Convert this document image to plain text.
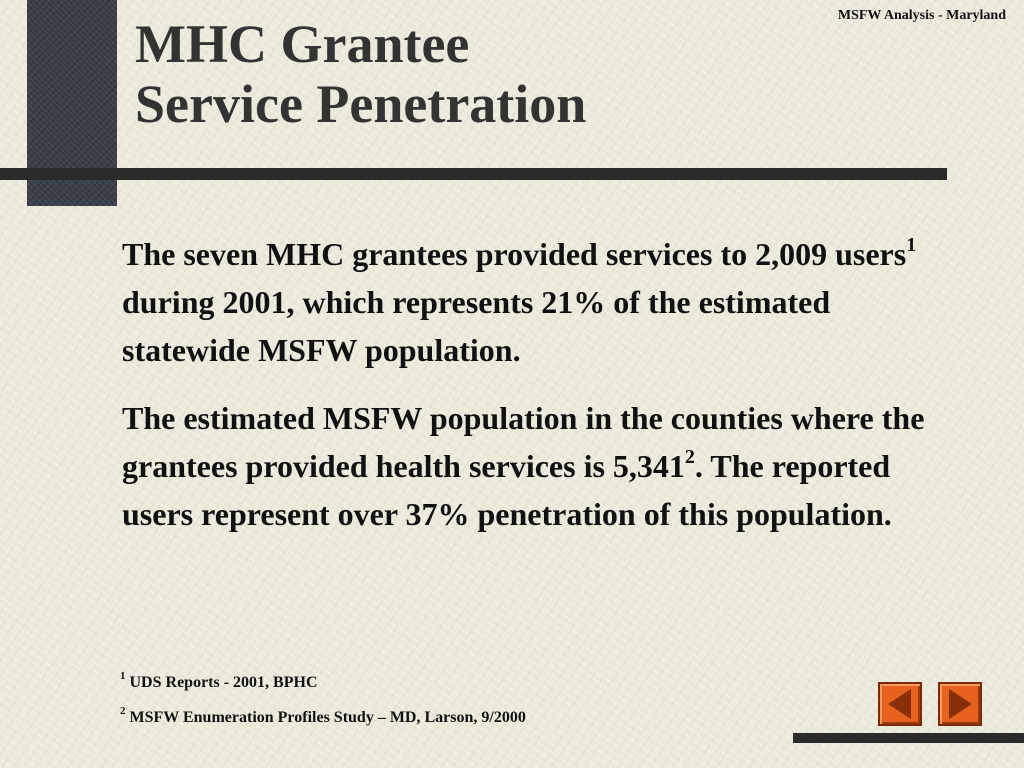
MSFW Analysis - Maryland
MHC Grantee
Service Penetration

The seven MHC grantees provided services to 2,009 users$^1$ during 2001, which represents 21% of the estimated statewide MSFW population.

The estimated MSFW population in the counties where the grantees provided health services is 5,341$^2$. The reported users represent over 37% penetration of this population.

$^1$ UDS Reports - 2001, BPHC
$^2$ MSFW Enumeration Profiles Study – MD, Larson, 9/2000
